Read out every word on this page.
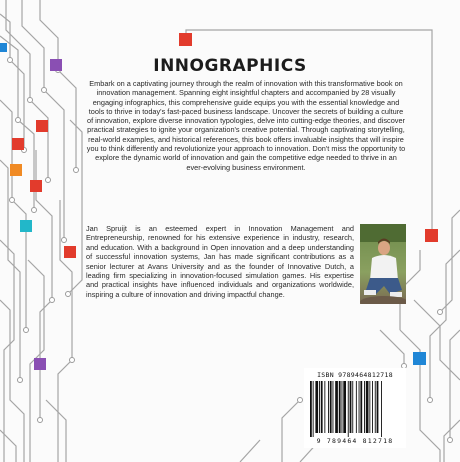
INNOGRAPHICS
Embark on a captivating journey through the realm of innovation with this transformative book on innovation management. Spanning eight insightful chapters and accompanied by 28 visually engaging infographics, this comprehensive guide equips you with the essential knowledge and tools to thrive in today's fast-paced business landscape. Uncover the secrets of building a culture of innovation, explore diverse innovation typologies, delve into cutting-edge theories, and discover practical strategies to ignite your organization's creative potential. Through captivating storytelling, real-world examples, and historical references, this book offers invaluable insights that will inspire you to think differently and revolutionize your approach to innovation. Don't miss the opportunity to explore the dynamic world of innovation and gain the competitive edge needed to thrive in an ever-evolving business environment.
Jan Spruijt is an esteemed expert in Innovation Management and Entrepreneurship, renowned for his extensive experience in industry, research, and education. With a background in Open innovation and a deep understanding of successful innovation systems, Jan has made significant contributions as a senior lecturer at Avans University and as the founder of Innovative Dutch, a leading firm specializing in innovation-focused simulation games. His expertise and practical insights have influenced individuals and organizations worldwide, inspiring a culture of innovation and driving impactful change.
ISBN 9789464812718
9 789464 812718
